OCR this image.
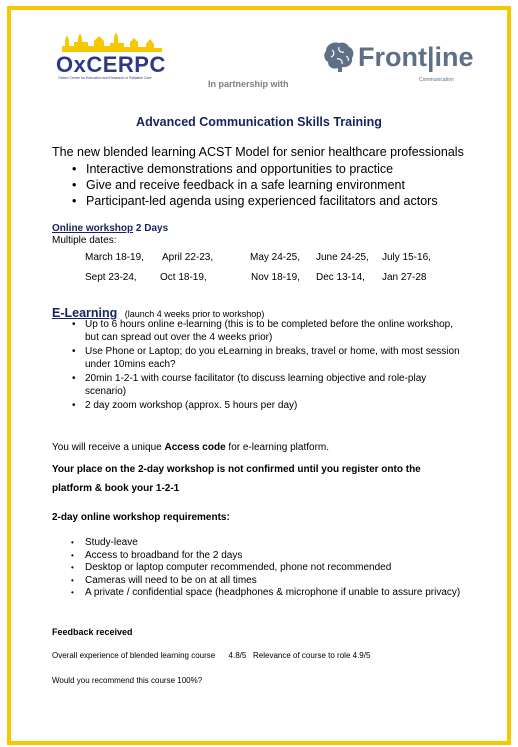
OxCERPC
Oxford Centre for Education and Research in Palliative Care
Front|ine
Communication
In partnership with
Advanced Communication Skills Training
The new blended learning ACST Model for senior healthcare professionals
• Interactive demonstrations and opportunities to practice
• Give and receive feedback in a safe learning environment
• Participant-led agenda using experienced facilitators and actors
Online workshop 2 Days
Multiple dates:
March 18-19, April 22-23,	May 24-25, June 24-25, July 15-16,
Sept 23-24, Oct 18-19,	Nov 18-19, Dec 13-14, Jan 27-28
E-Learning (launch 4 weeks prior to workshop)
• Up to 6 hours online e-learning (this is to be completed before the online workshop, but can spread out over the 4 weeks prior)
• Use Phone or Laptop; do you eLearning in breaks, travel or home, with most session under 10mins each?
• 20min 1-2-1 with course facilitator (to discuss learning objective and role-play scenario)
• 2 day zoom workshop (approx. 5 hours per day)
You will receive a unique Access code for e-learning platform.
Your place on the 2-day workshop is not confirmed until you register onto the platform & book your 1-2-1
2-day online workshop requirements:
• Study-leave
• Access to broadband for the 2 days
• Desktop or laptop computer recommended, phone not recommended
• Cameras will need to be on at all times
• A private / confidential space (headphones & microphone if unable to assure privacy)
Feedback received
Overall experience of blended learning course      4.8/5   Relevance of course to role 4.9/5
Would you recommend this course 100%?
